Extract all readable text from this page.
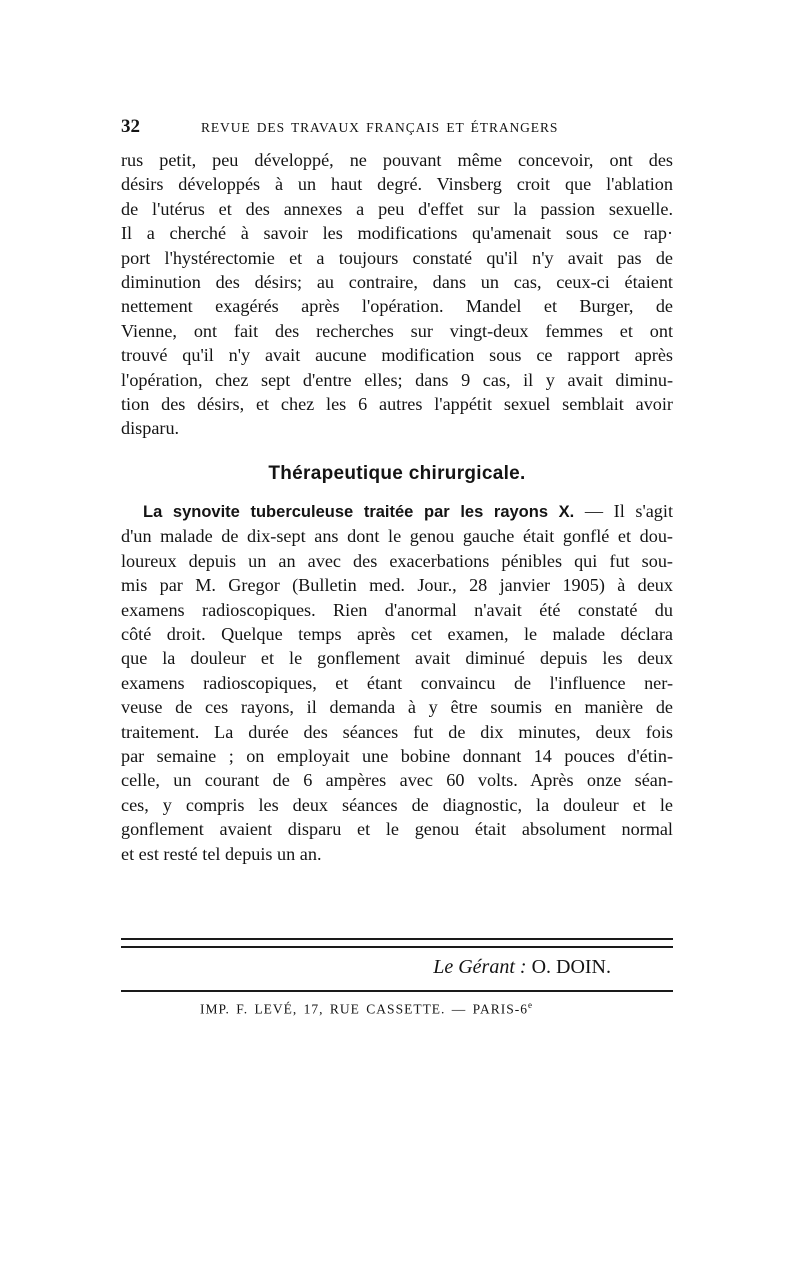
32	REVUE DES TRAVAUX FRANÇAIS ET ÉTRANGERS

rus petit, peu développé, ne pouvant même concevoir, ont des
désirs développés à un haut degré. Vinsberg croit que l'ablation
de l'utérus et des annexes a peu d'effet sur la passion sexuelle.
Il a cherché à savoir les modifications qu'amenait sous ce rap·
port l'hystérectomie et a toujours constaté qu'il n'y avait pas de
diminution des désirs; au contraire, dans un cas, ceux-ci étaient
nettement exagérés après l'opération. Mandel et Burger, de
Vienne, ont fait des recherches sur vingt-deux femmes et ont
trouvé qu'il n'y avait aucune modification sous ce rapport après
l'opération, chez sept d'entre elles; dans 9 cas, il y avait diminu-
tion des désirs, et chez les 6 autres l'appétit sexuel semblait avoir
disparu.

Thérapeutique chirurgicale.

La synovite tuberculeuse traitée par les rayons X. — Il s'agit
d'un malade de dix-sept ans dont le genou gauche était gonflé et dou-
loureux depuis un an avec des exacerbations pénibles qui fut sou-
mis par M. Gregor (Bulletin med. Jour., 28 janvier 1905) à deux
examens radioscopiques. Rien d'anormal n'avait été constaté du
côté droit. Quelque temps après cet examen, le malade déclara
que la douleur et le gonflement avait diminué depuis les deux
examens radioscopiques, et étant convaincu de l'influence ner-
veuse de ces rayons, il demanda à y être soumis en manière de
traitement. La durée des séances fut de dix minutes, deux fois
par semaine ; on employait une bobine donnant 14 pouces d'étin-
celle, un courant de 6 ampères avec 60 volts. Après onze séan-
ces, y compris les deux séances de diagnostic, la douleur et le
gonflement avaient disparu et le genou était absolument normal
et est resté tel depuis un an.

Le Gérant : O. DOIN.
IMP. F. LEVÉ, 17, RUE CASSETTE. — PARIS-6e
